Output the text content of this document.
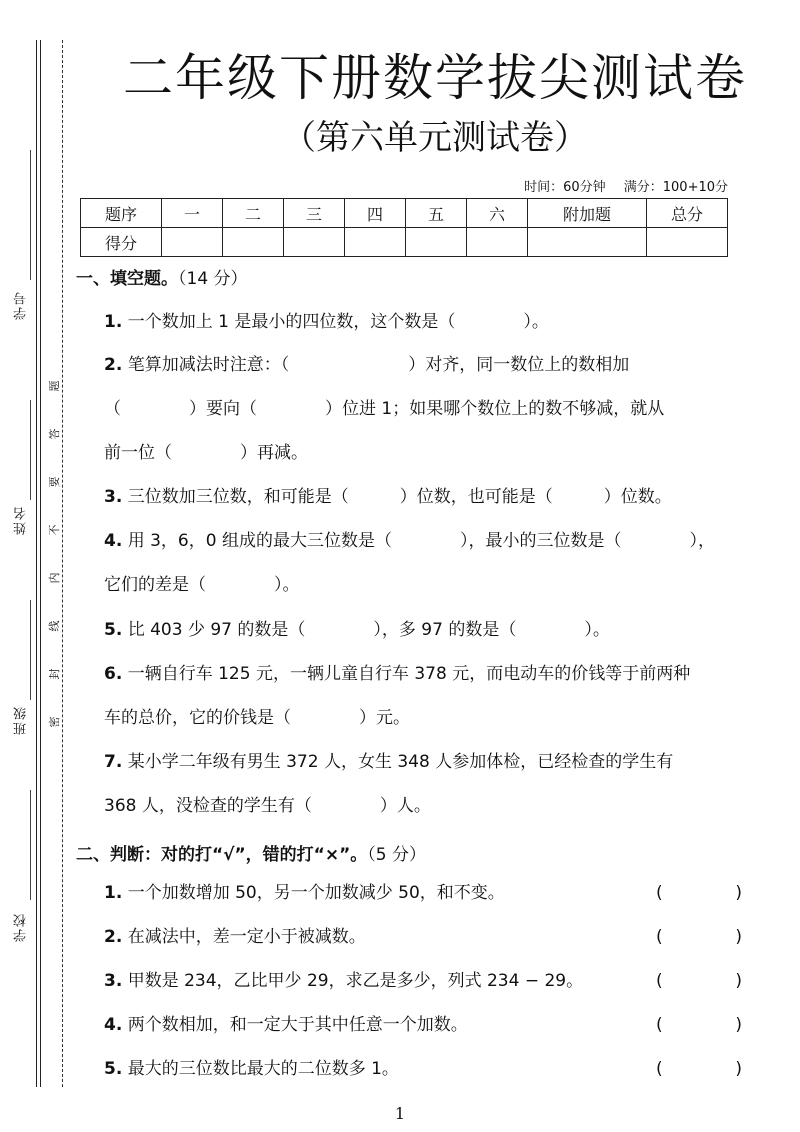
学号
姓名
班级
学校
题
答
要
不
内
线
封
密
二年级下册数学拔尖测试卷
（第六单元测试卷）
时间：60分钟 满分：100+10分
题序	一	二	三	四	五	六	附加题	总分
得分								
一、填空题。（14 分）
1. 一个数加上 1 是最小的四位数，这个数是（　　　　）。
2. 笔算加减法时注意：（　　　　　　　）对齐，同一数位上的数相加
（　　　　）要向（　　　　）位进 1；如果哪个数位上的数不够减，就从
前一位（　　　　）再减。
3. 三位数加三位数，和可能是（　　　）位数，也可能是（　　　）位数。
4. 用 3，6，0 组成的最大三位数是（　　　　），最小的三位数是（　　　　），
它们的差是（　　　　）。
5. 比 403 少 97 的数是（　　　　），多 97 的数是（　　　　）。
6. 一辆自行车 125 元，一辆儿童自行车 378 元，而电动车的价钱等于前两种
车的总价，它的价钱是（　　　　）元。
7. 某小学二年级有男生 372 人，女生 348 人参加体检，已经检查的学生有
368 人，没检查的学生有（　　　　）人。
二、判断：对的打“√”，错的打“×”。（5 分）
1. 一个加数增加 50，另一个加数减少 50，和不变。	(	)
2. 在减法中，差一定小于被减数。	(	)
3. 甲数是 234，乙比甲少 29，求乙是多少，列式 234 − 29。	(	)
4. 两个数相加，和一定大于其中任意一个加数。	(	)
5. 最大的三位数比最大的二位数多 1。	(	)
1
